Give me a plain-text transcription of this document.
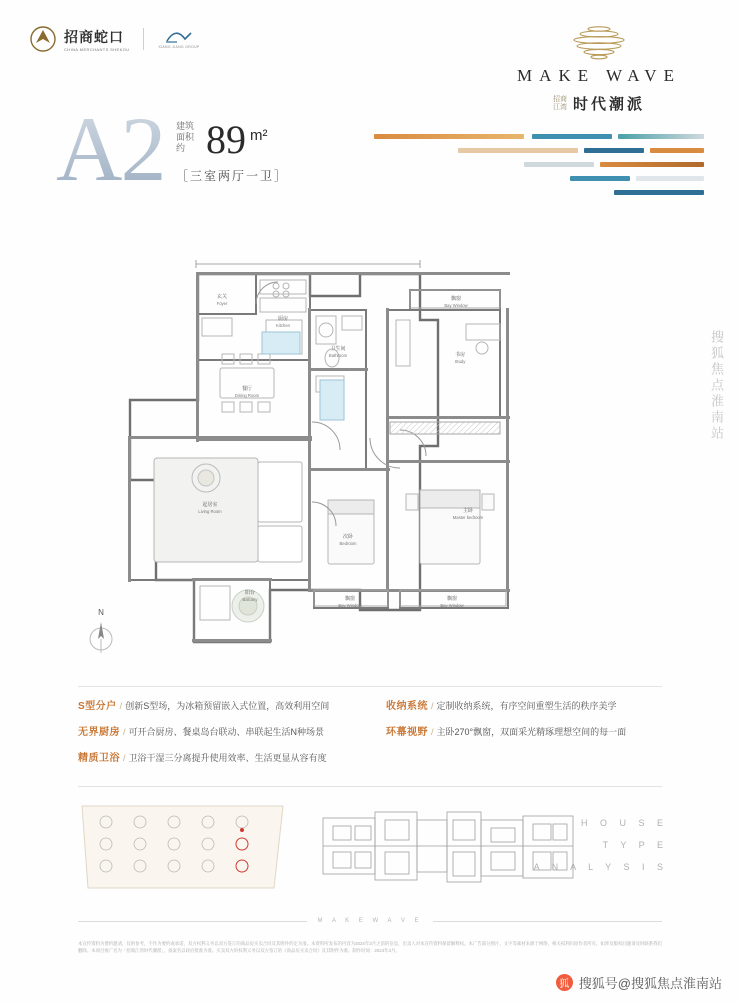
招商蛇口
CHINA MERCHANTS SHEKOU	XIANG JIANG GROUP
MAKE WAVE
招商
江湾 时代潮派
A2 建筑
面积约 89 m²
［三室两厅一卫］
玄关
Foyer
厨房
Kitchen
餐厅
Dining Room
卫生间
Bathroom	书房
Study
飘窗
Bay Window
主卧
Master bedroom
次卧
Bedroom
起居室
Living Room
阳台
Balcony	飘窗
Bay Window
飘窗
Bay Window
N
S型分户 / 创新S型场，为冰箱预留嵌入式位置，高效利用空间	收纳系统 / 定制收纳系统，有序空间重塑生活的秩序美学
无界厨房 / 可开合厨房、餐桌岛台联动、串联起生活N种场景	环幕视野 / 主卧270°飘窗，双面采光精琢理想空间的每一面
精质卫浴 / 卫浴干湿三分离提升使用效率、生活更显从容有度
H O U S E
T Y P E
A N A L Y S I S
M A K E W A V E
本宣传资料为要约邀请，仅供参考，不作为要约或承诺，双方权利义务以双方签订的商品房买卖合同及其附件约定为准。本资料所发布的内容为2024年3月之前的信息，出卖人对本宣传资料保留解释权。本广告部分图片、文字等素材来源于网络，相关权利归原作者所有，如涉及版权问题请及时联系我们删除。本项目推广名为「招商江湾时代潮派」，备案名以政府批准为准。买卖双方的权利义务以双方签订的《商品房买卖合同》及其附件为准。制作时间：2024年3月。
搜狐焦点淮南站
狐 搜狐号@搜狐焦点淮南站
